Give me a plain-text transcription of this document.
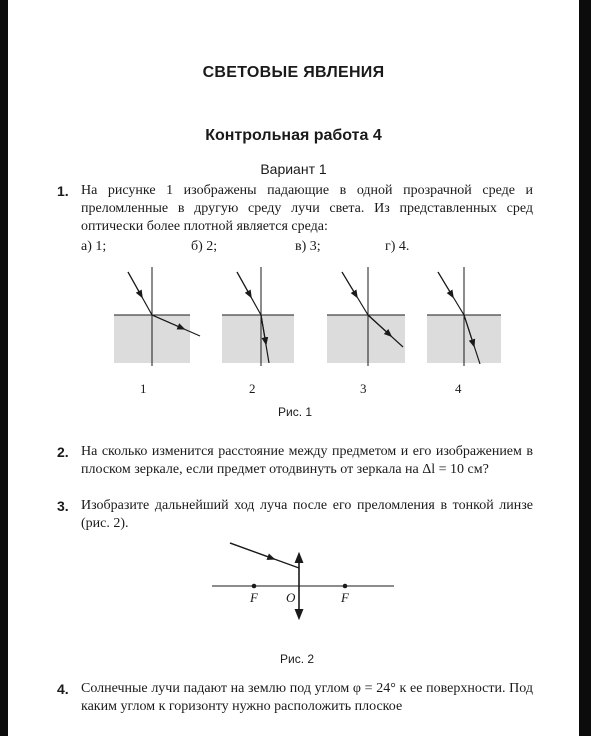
СВЕТОВЫЕ ЯВЛЕНИЯ
Контрольная работа 4
Вариант 1
1. На рисунке 1 изображены падающие в одной прозрачной среде и преломленные в другую среду лучи света. Из представленных сред оптически более плотной является среда:
а) 1;	б) 2;	в) 3;	г) 4.
1	2	3	4
Рис. 1
2. На сколько изменится расстояние между предметом и его изображением в плоском зеркале, если предмет отодвинуть от зеркала на Δl = 10 см?
3. Изобразите дальнейший ход луча после его преломления в тонкой линзе (рис. 2).
F O	F
Рис. 2
4. Солнечные лучи падают на землю под углом φ = 24° к ее поверхности. Под каким углом к горизонту нужно расположить плоское
